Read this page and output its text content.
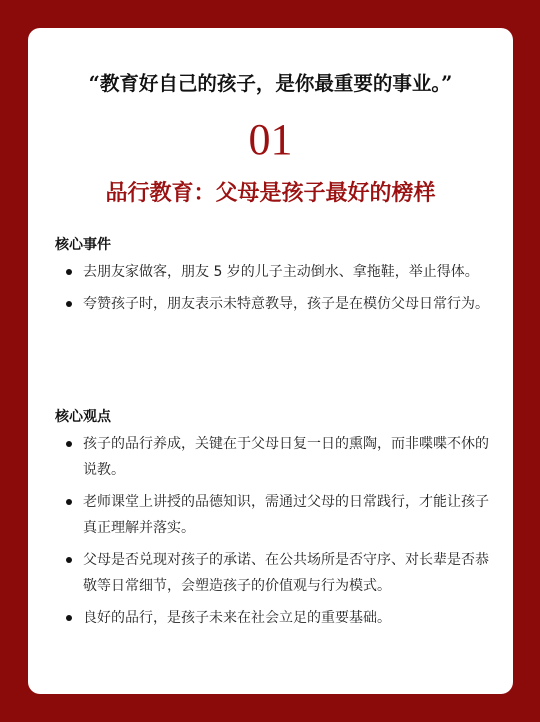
“教育好自己的孩子，是你最重要的事业。”
01
品行教育：父母是孩子最好的榜样
核心事件
去朋友家做客，朋友 5 岁的儿子主动倒水、拿拖鞋，举止得体。
夸赞孩子时，朋友表示未特意教导，孩子是在模仿父母日常行为。
核心观点
孩子的品行养成，关键在于父母日复一日的熏陶，而非喋喋不休的说教。
老师课堂上讲授的品德知识，需通过父母的日常践行，才能让孩子真正理解并落实。
父母是否兑现对孩子的承诺、在公共场所是否守序、对长辈是否恭敬等日常细节，会塑造孩子的价值观与行为模式。
良好的品行，是孩子未来在社会立足的重要基础。
